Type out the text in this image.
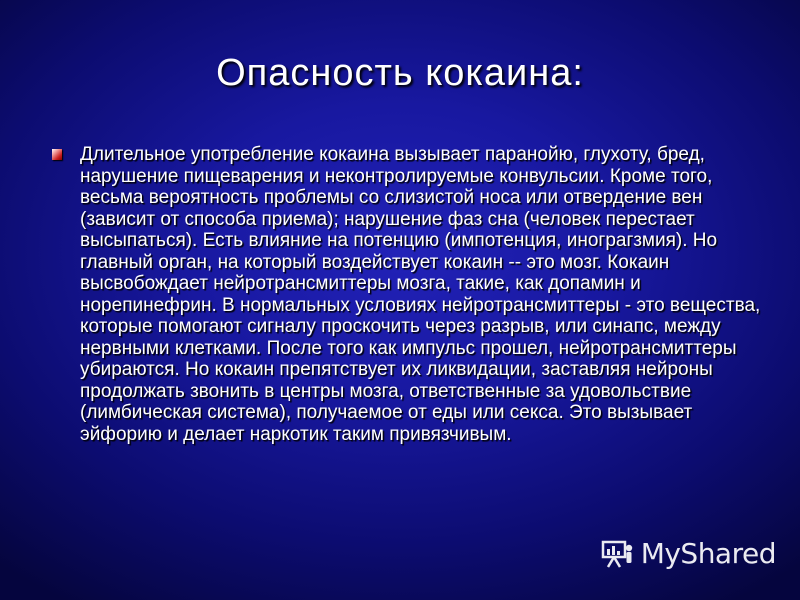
Опасность кокаина:
Длительное употребление кокаина вызывает паранойю, глухоту, бред, нарушение пищеварения и неконтролируемые конвульсии. Кроме того, весьма вероятность проблемы со слизистой носа или отвердение вен (зависит от способа приема); нарушение фаз сна (человек перестает высыпаться). Есть влияние на потенцию (импотенция, инограгзмия). Но главный орган, на который воздействует кокаин -- это мозг. Кокаин высвобождает нейротрансмиттеры мозга, такие, как допамин и норепинефрин. В нормальных условиях нейротрансмиттеры - это вещества, которые помогают сигналу проскочить через разрыв, или синапс, между нервными клетками. После того как импульс прошел, нейротрансмиттеры убираются. Но кокаин препятствует их ликвидации, заставляя нейроны продолжать звонить в центры мозга, ответственные за удовольствие (лимбическая система), получаемое от еды или секса. Это вызывает эйфорию и делает наркотик таким привязчивым.
MyShared
